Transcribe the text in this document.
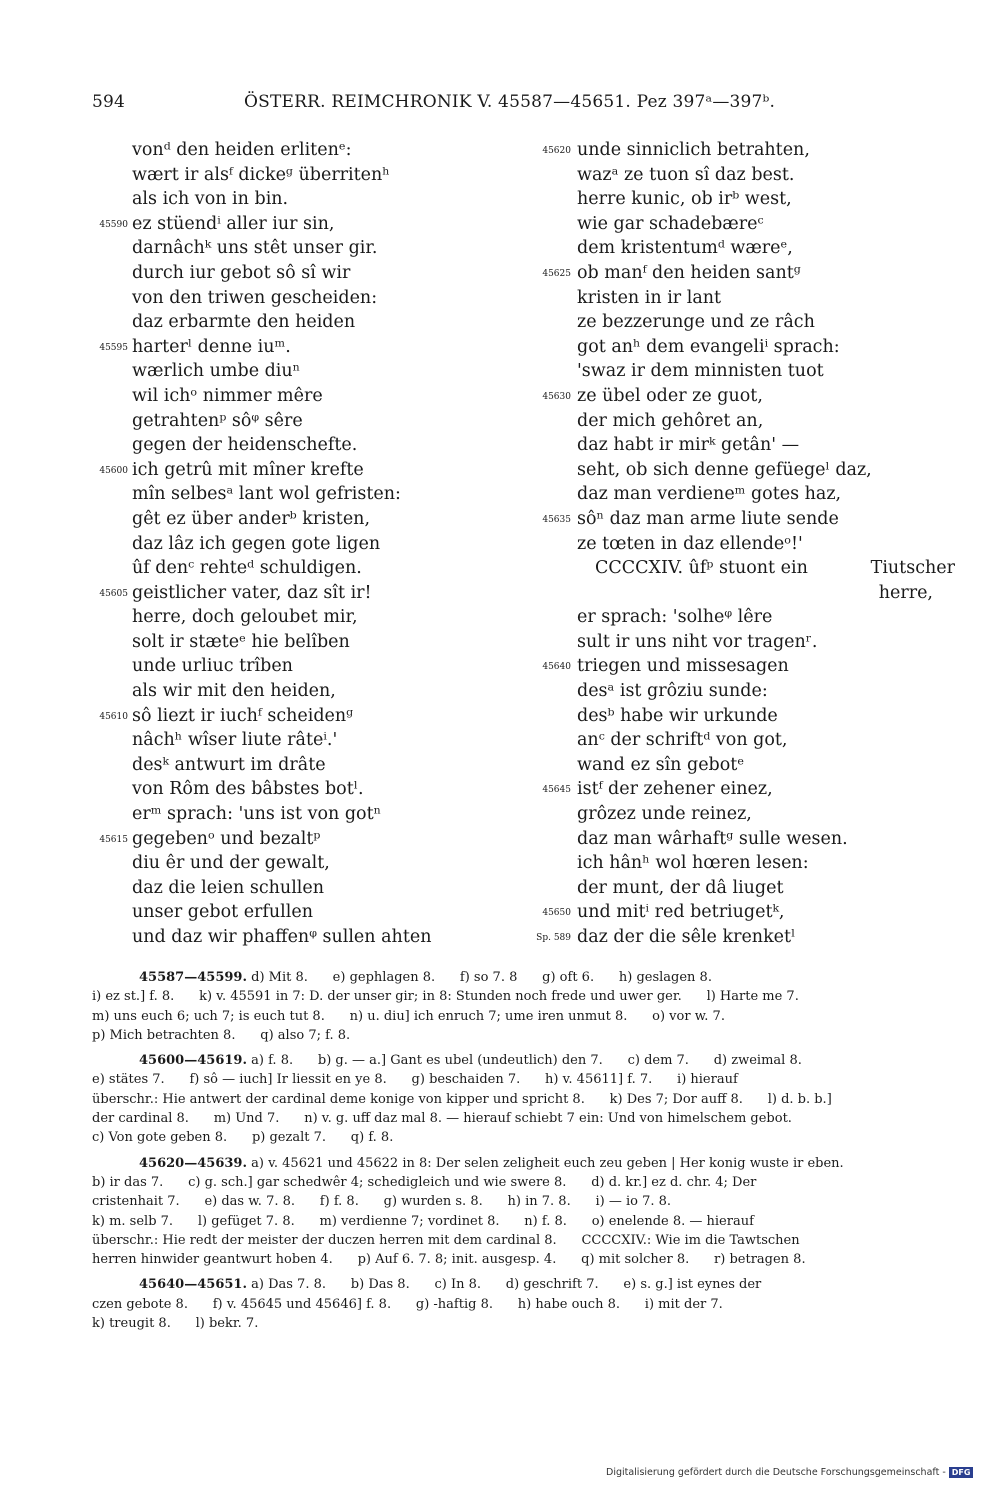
594	ÖSTERR. REIMCHRONIK V. 45587—45651. Pez 397ᵃ—397ᵇ.
vonᵈ den heiden erlitenᵉ:
wært ir alsᶠ dickeᵍ überritenʰ
als ich von in bin.
45590 ez stüendⁱ aller iur sin,
darnâchᵏ uns stêt unser gir.
durch iur gebot sô sî wir
von den triwen gescheiden:
daz erbarmte den heiden
45595 harterˡ denne iuᵐ.
wærlich umbe diuⁿ
wil ichᵒ nimmer mêre
getrahtenᵖ sôᵠ sêre
gegen der heidenschefte.
45600 ich getrû mit mîner krefte
mîn selbesᵃ lant wol gefristen:
gêt ez über anderᵇ kristen,
daz lâz ich gegen gote ligen
ûf denᶜ rehteᵈ schuldigen.
45605 geistlicher vater, daz sît ir!
herre, doch geloubet mir,
solt ir stæteᵉ hie belîben
unde urliuc trîben
als wir mit den heiden,
45610 sô liezt ir iuchᶠ scheidenᵍ
nâchʰ wîser liute râteⁱ.'
desᵏ antwurt im drâte
von Rôm des bâbstes botˡ.
erᵐ sprach: 'uns ist von gotⁿ
45615 gegebenᵒ und bezaltᵖ
diu êr und der gewalt,
daz die leien schullen
unser gebot erfullen
und daz wir phaffenᵠ sullen ahten
45620 unde sinniclich betrahten,
wazᵃ ze tuon sî daz best.
herre kunic, ob irᵇ west,
wie gar schadebæreᶜ
dem kristentumᵈ wæreᵉ,
45625 ob manᶠ den heiden santᵍ
kristen in ir lant
ze bezzerunge und ze râch
got anʰ dem evangeliⁱ sprach:
'swaz ir dem minnisten tuot
45630 ze übel oder ze guot,
der mich gehôret an,
daz habt ir mirᵏ getân' —
seht, ob sich denne gefüegeˡ daz,
daz man verdieneᵐ gotes haz,
45635 sôⁿ daz man arme liute sende
ze tœten in daz ellendeᵒ!'
CCCCXIV. ûfᵖ stuont ein	Tiutscher
herre,
er sprach: 'solheᵠ lêre
sult ir uns niht vor tragenʳ.
45640 triegen und missesagen
desᵃ ist grôziu sunde:
desᵇ habe wir urkunde
anᶜ der schriftᵈ von got,
wand ez sîn gebotᵉ
45645 istᶠ der zehener einez,
grôzez unde reinez,
daz man wârhaftᵍ sulle wesen.
ich hânʰ wol hœren lesen:
der munt, der dâ liuget
45650 und mitⁱ red betriugetᵏ,
Sp. 589 daz der die sêle krenketˡ
45587—45599. d) Mit 8.      e) gephlagen 8.      f) so 7. 8      g) oft 6.      h) geslagen 8.
i) ez st.] f. 8.      k) v. 45591 in 7: D. der unser gir; in 8: Stunden noch frede und uwer ger.      l) Harte me 7.
m) uns euch 6; uch 7; is euch tut 8.      n) u. diu] ich enruch 7; ume iren unmut 8.      o) vor w. 7.
p) Mich betrachten 8.      q) also 7; f. 8.
45600—45619. a) f. 8.      b) g. — a.] Gant es ubel (undeutlich) den 7.      c) dem 7.      d) zweimal 8.
e) stätes 7.      f) sô — iuch] Ir liessit en ye 8.      g) beschaiden 7.      h) v. 45611] f. 7.      i) hierauf
überschr.: Hie antwert der cardinal deme konige von kipper und spricht 8.      k) Des 7; Dor auff 8.      l) d. b. b.]
der cardinal 8.      m) Und 7.      n) v. g. uff daz mal 8. — hierauf schiebt 7 ein: Und von himelschem gebot.
c) Von gote geben 8.      p) gezalt 7.      q) f. 8.
45620—45639. a) v. 45621 und 45622 in 8: Der selen zeligheit euch zeu geben | Her konig wuste ir eben.
b) ir das 7.      c) g. sch.] gar schedwêr 4; schedigleich und wie swere 8.      d) d. kr.] ez d. chr. 4; Der
cristenhait 7.      e) das w. 7. 8.      f) f. 8.      g) wurden s. 8.      h) in 7. 8.      i) — io 7. 8.
k) m. selb 7.      l) gefüget 7. 8.      m) verdienne 7; vordinet 8.      n) f. 8.      o) enelende 8. — hierauf
überschr.: Hie redt der meister der duczen herren mit dem cardinal 8.      CCCCXIV.: Wie im die Tawtschen
herren hinwider geantwurt hoben 4.      p) Auf 6. 7. 8; init. ausgesp. 4.      q) mit solcher 8.      r) betragen 8.
45640—45651. a) Das 7. 8.      b) Das 8.      c) In 8.      d) geschrift 7.      e) s. g.] ist eynes der
czen gebote 8.      f) v. 45645 und 45646] f. 8.      g) -haftig 8.      h) habe ouch 8.      i) mit der 7.
k) treugit 8.      l) bekr. 7.
Digitalisierung gefördert durch die Deutsche Forschungsgemeinschaft - DFG
